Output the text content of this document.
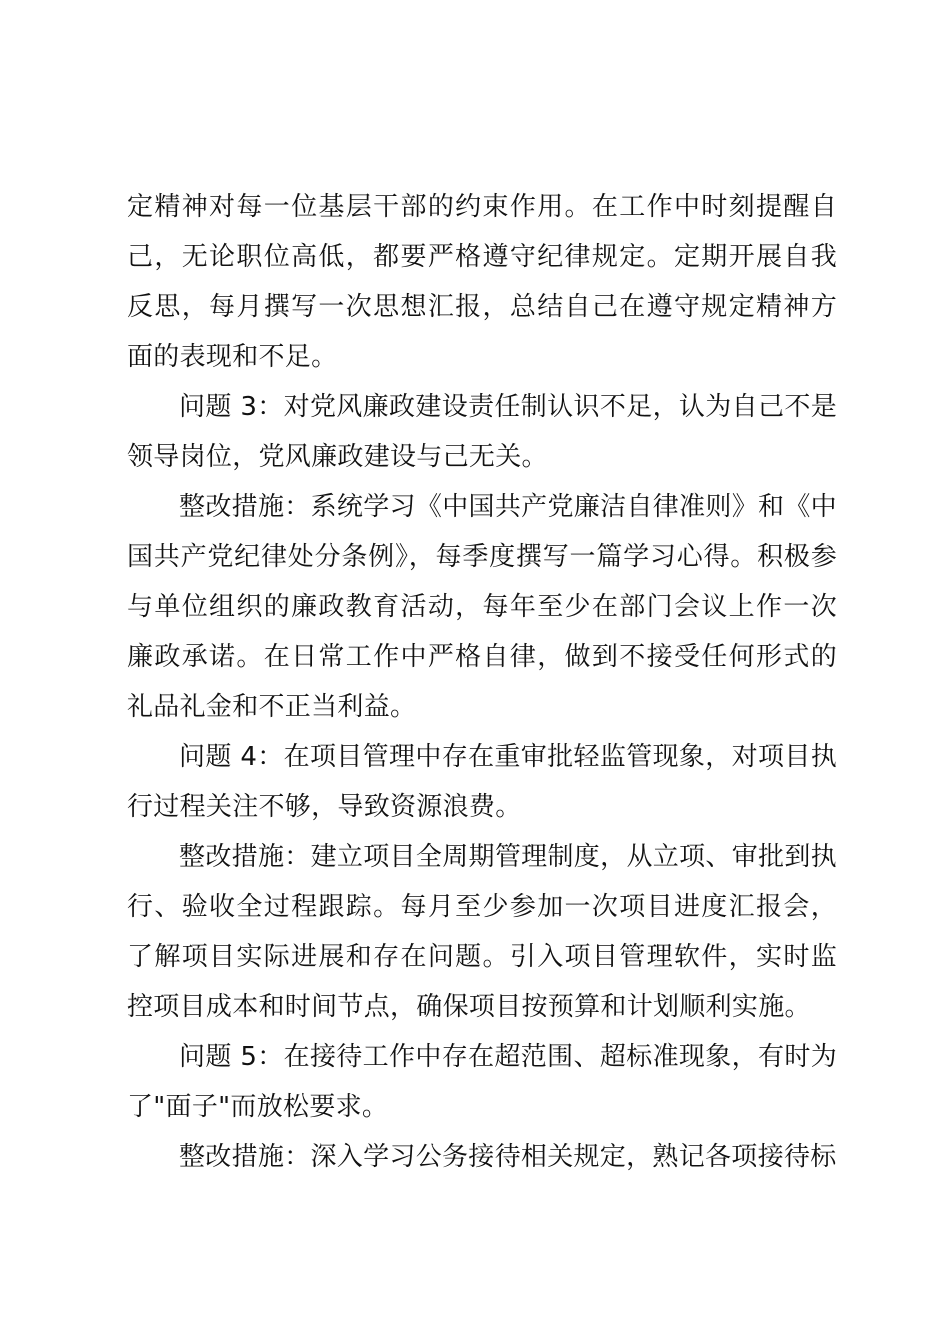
定精神对每一位基层干部的约束作用。在工作中时刻提醒自己，无论职位高低，都要严格遵守纪律规定。定期开展自我反思，每月撰写一次思想汇报，总结自己在遵守规定精神方面的表现和不足。

问题 3：对党风廉政建设责任制认识不足，认为自己不是领导岗位，党风廉政建设与己无关。

整改措施：系统学习《中国共产党廉洁自律准则》和《中国共产党纪律处分条例》，每季度撰写一篇学习心得。积极参与单位组织的廉政教育活动，每年至少在部门会议上作一次廉政承诺。在日常工作中严格自律，做到不接受任何形式的礼品礼金和不正当利益。

问题 4：在项目管理中存在重审批轻监管现象，对项目执行过程关注不够，导致资源浪费。

整改措施：建立项目全周期管理制度，从立项、审批到执行、验收全过程跟踪。每月至少参加一次项目进度汇报会，了解项目实际进展和存在问题。引入项目管理软件，实时监控项目成本和时间节点，确保项目按预算和计划顺利实施。

问题 5：在接待工作中存在超范围、超标准现象，有时为了"面子"而放松要求。

整改措施：深入学习公务接待相关规定，熟记各项接待标
